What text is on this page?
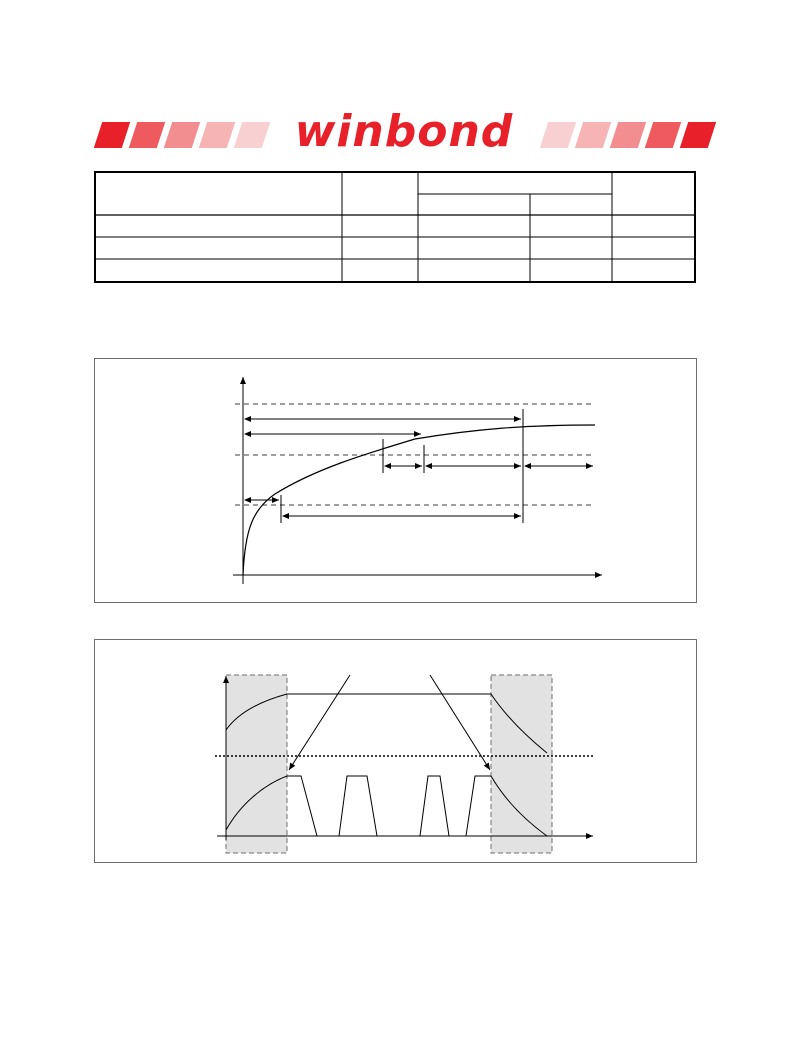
winbond
